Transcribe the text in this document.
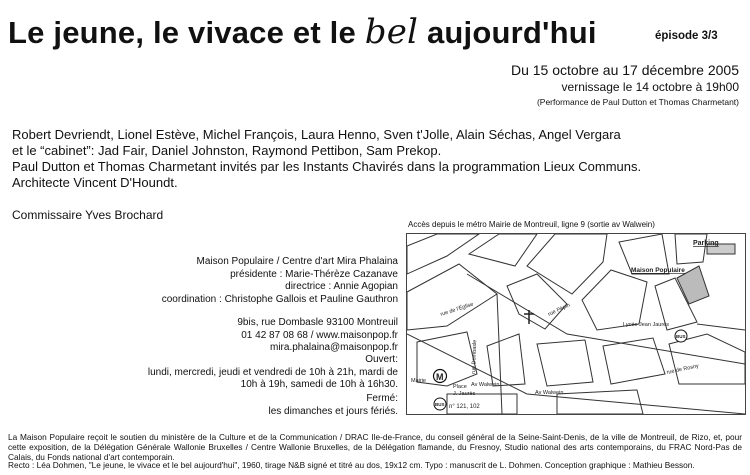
Le jeune, le vivace et le bel aujourd'hui	épisode 3/3
Du 15 octobre au 17 décembre 2005
vernissage le 14 octobre à 19h00
(Performance de Paul Dutton et Thomas Charmetant)
Robert Devriendt, Lionel Estève, Michel François, Laura Henno, Sven t'Jolle, Alain Séchas, Angel Vergara
et le “cabinet”: Jad Fair, Daniel Johnston, Raymond Pettibon, Sam Prekop.
Paul Dutton et Thomas Charmetant invités par les Instants Chavirés dans la programmation Lieux Communs.
Architecte Vincent D'Houndt.
Commissaire Yves Brochard
Maison Populaire / Centre d'art Mira Phalaina
présidente : Marie-Thérèze Cazanave
directrice : Annie Agopian
coordination : Christophe Gallois et Pauline Gauthron
9bis, rue Dombasle 93100 Montreuil
01 42 87 08 68 / www.maisonpop.fr
mira.phalaina@maisonpop.fr
Ouvert:
lundi, mercredi, jeudi et vendredi de 10h à 21h, mardi de
10h à 19h, samedi de 10h à 16h30.
Fermé:
les dimanches et jours fériés.
Accès depuis le métro Mairie de Montreuil, ligne 9 (sortie av Walwein)
Parking
Maison Populaire
rue de l'Église
rue Dombasle
rue Pépin
Lycée Jean Jaurès
Av Walwein
Av Walwein
rue de Rosny
Mairie
Place
J. Jaurès
M
BUS
BUS
n° 121, 102
La Maison Populaire reçoit le soutien du ministère de la Culture et de la Communication / DRAC Ile-de-France, du conseil général de la Seine-Saint-Denis, de la ville de Montreuil, de Rizo, et, pour cette exposition, de la Délégation Générale Wallonie Bruxelles / Centre Wallonie Bruxelles, de la Délégation flamande, du Fresnoy, Studio national des arts contemporains, du FRAC Nord-Pas de Calais, du Fonds national d'art contemporain.
Recto : Léa Dohmen, "Le jeune, le vivace et le bel aujourd'hui", 1960, tirage N&B signé et titré au dos, 19x12 cm. Typo : manuscrit de L. Dohmen. Conception graphique : Mathieu Besson.
